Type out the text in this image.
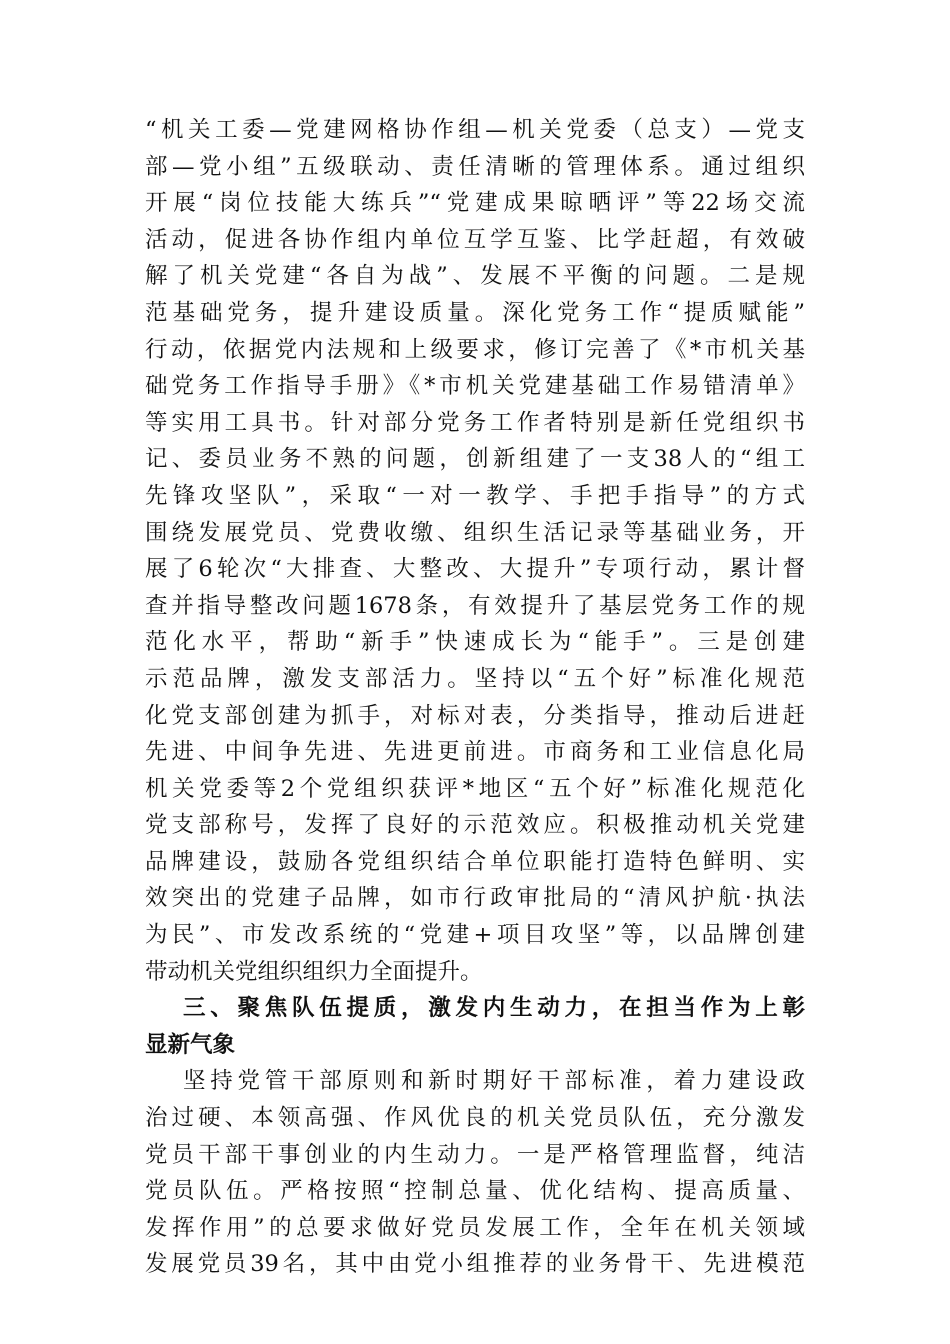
“机关工委—党建网格协作组—机关党委（总支）—党支
部—党小组”五级联动、责任清晰的管理体系。通过组织
开展“岗位技能大练兵”“党建成果晾晒评”等22场交流
活动，促进各协作组内单位互学互鉴、比学赶超，有效破
解了机关党建“各自为战”、发展不平衡的问题。二是规
范基础党务，提升建设质量。深化党务工作“提质赋能”
行动，依据党内法规和上级要求，修订完善了《*市机关基
础党务工作指导手册》《*市机关党建基础工作易错清单》
等实用工具书。针对部分党务工作者特别是新任党组织书
记、委员业务不熟的问题，创新组建了一支38人的“组工
先锋攻坚队”，采取“一对一教学、手把手指导”的方式
围绕发展党员、党费收缴、组织生活记录等基础业务，开
展了6轮次“大排查、大整改、大提升”专项行动，累计督
查并指导整改问题1678条，有效提升了基层党务工作的规
范化水平，帮助“新手”快速成长为“能手”。三是创建
示范品牌，激发支部活力。坚持以“五个好”标准化规范
化党支部创建为抓手，对标对表，分类指导，推动后进赶
先进、中间争先进、先进更前进。市商务和工业信息化局
机关党委等2个党组织获评*地区“五个好”标准化规范化
党支部称号，发挥了良好的示范效应。积极推动机关党建
品牌建设，鼓励各党组织结合单位职能打造特色鲜明、实
效突出的党建子品牌，如市行政审批局的“清风护航·执法
为民”、市发改系统的“党建+项目攻坚”等，以品牌创建
带动机关党组织组织力全面提升。
三、聚焦队伍提质，激发内生动力，在担当作为上彰
显新气象
坚持党管干部原则和新时期好干部标准，着力建设政
治过硬、本领高强、作风优良的机关党员队伍，充分激发
党员干部干事创业的内生动力。一是严格管理监督，纯洁
党员队伍。严格按照“控制总量、优化结构、提高质量、
发挥作用”的总要求做好党员发展工作，全年在机关领域
发展党员39名，其中由党小组推荐的业务骨干、先进模范
